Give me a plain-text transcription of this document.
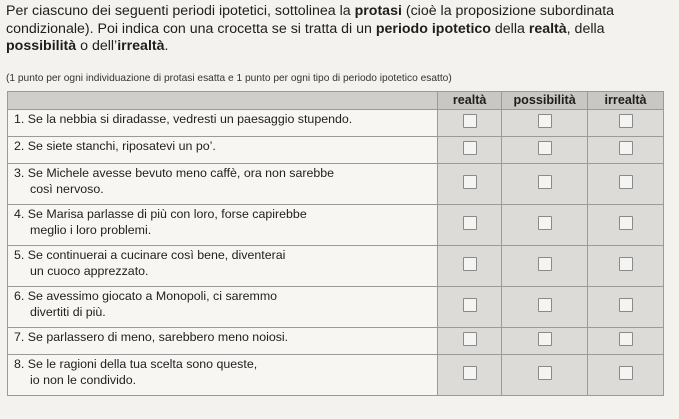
Per ciascuno dei seguenti periodi ipotetici, sottolinea la protasi (cioè la proposizione subordinata condizionale). Poi indica con una crocetta se si tratta di un periodo ipotetico della realtà, della possibilità o dell’irrealtà.
(1 punto per ogni individuazione di protasi esatta e 1 punto per ogni tipo di periodo ipotetico esatto)
	realtà	possibilità	irrealtà

1. Se la nebbia si diradasse, vedresti un paesaggio stupendo.			

2. Se siete stanchi, riposatevi un po’.			

3. Se Michele avesse bevuto meno caffè, ora non sarebbe
così nervoso.			

4. Se Marisa parlasse di più con loro, forse capirebbe
meglio i loro problemi.			

5. Se continuerai a cucinare così bene, diventerai
un cuoco apprezzato.			

6. Se avessimo giocato a Monopoli, ci saremmo
divertiti di più.			

7. Se parlassero di meno, sarebbero meno noiosi.			

8. Se le ragioni della tua scelta sono queste,
io non le condivido.			
